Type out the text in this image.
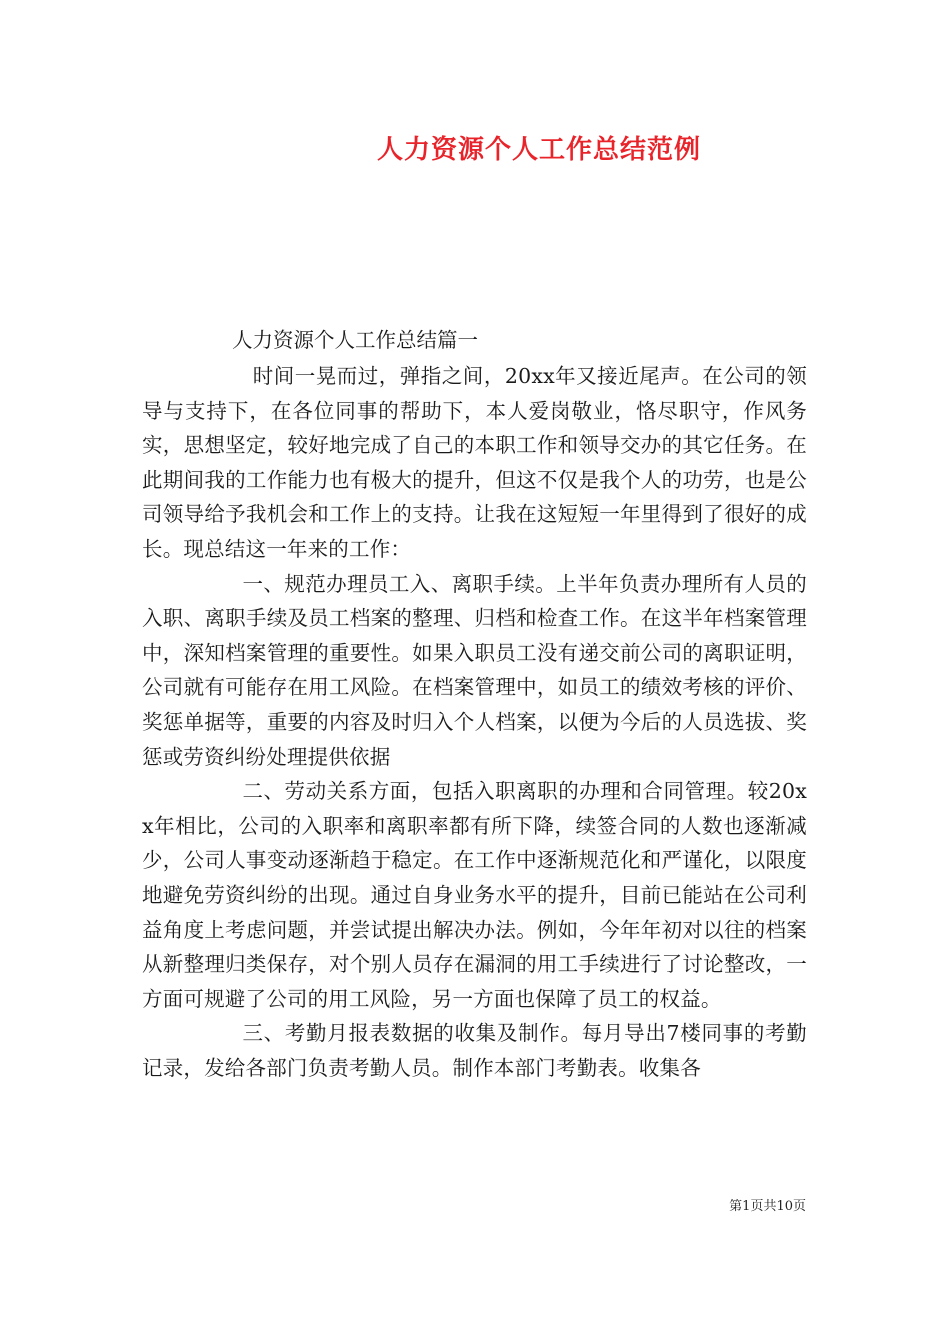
人力资源个人工作总结范例
人力资源个人工作总结篇一

时间一晃而过，弹指之间，20xx年又接近尾声。在公司的领导与支持下，在各位同事的帮助下，本人爱岗敬业，恪尽职守，作风务实，思想坚定，较好地完成了自己的本职工作和领导交办的其它任务。在此期间我的工作能力也有极大的提升，但这不仅是我个人的功劳，也是公司领导给予我机会和工作上的支持。让我在这短短一年里得到了很好的成长。现总结这一年来的工作：

一、规范办理员工入、离职手续。上半年负责办理所有人员的入职、离职手续及员工档案的整理、归档和检查工作。在这半年档案管理中，深知档案管理的重要性。如果入职员工没有递交前公司的离职证明，公司就有可能存在用工风险。在档案管理中，如员工的绩效考核的评价、奖惩单据等，重要的内容及时归入个人档案，以便为今后的人员选拔、奖惩或劳资纠纷处理提供依据

二、劳动关系方面，包括入职离职的办理和合同管理。较20xx年相比，公司的入职率和离职率都有所下降，续签合同的人数也逐渐减少，公司人事变动逐渐趋于稳定。在工作中逐渐规范化和严谨化，以限度地避免劳资纠纷的出现。通过自身业务水平的提升，目前已能站在公司利益角度上考虑问题，并尝试提出解决办法。例如，今年年初对以往的档案从新整理归类保存，对个别人员存在漏洞的用工手续进行了讨论整改，一方面可规避了公司的用工风险，另一方面也保障了员工的权益。

三、考勤月报表数据的收集及制作。每月导出7楼同事的考勤记录，发给各部门负责考勤人员。制作本部门考勤表。收集各

第1页共10页
